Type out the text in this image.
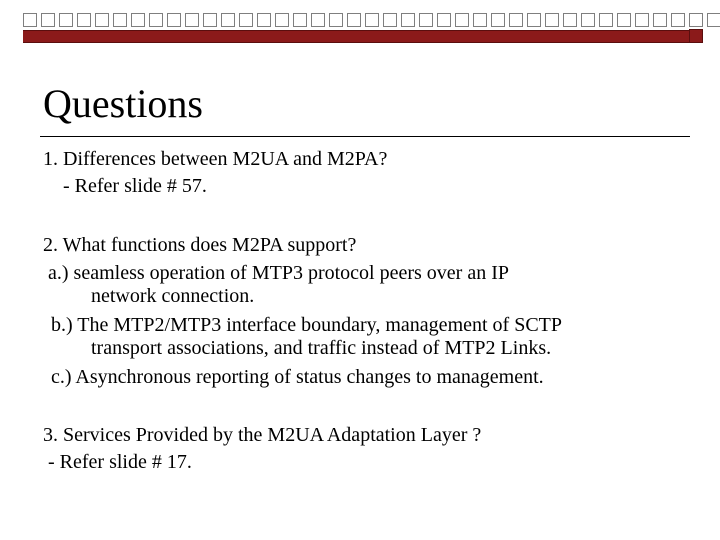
Questions
1. Differences between M2UA and M2PA?
- Refer slide # 57.
2. What functions does M2PA support?
a.) seamless operation of MTP3 protocol peers over an IP
network connection.
b.) The MTP2/MTP3 interface boundary, management of SCTP
transport associations, and traffic instead of MTP2 Links.
c.) Asynchronous reporting of status changes to management.
3. Services Provided by the M2UA Adaptation Layer ?
- Refer slide # 17.
